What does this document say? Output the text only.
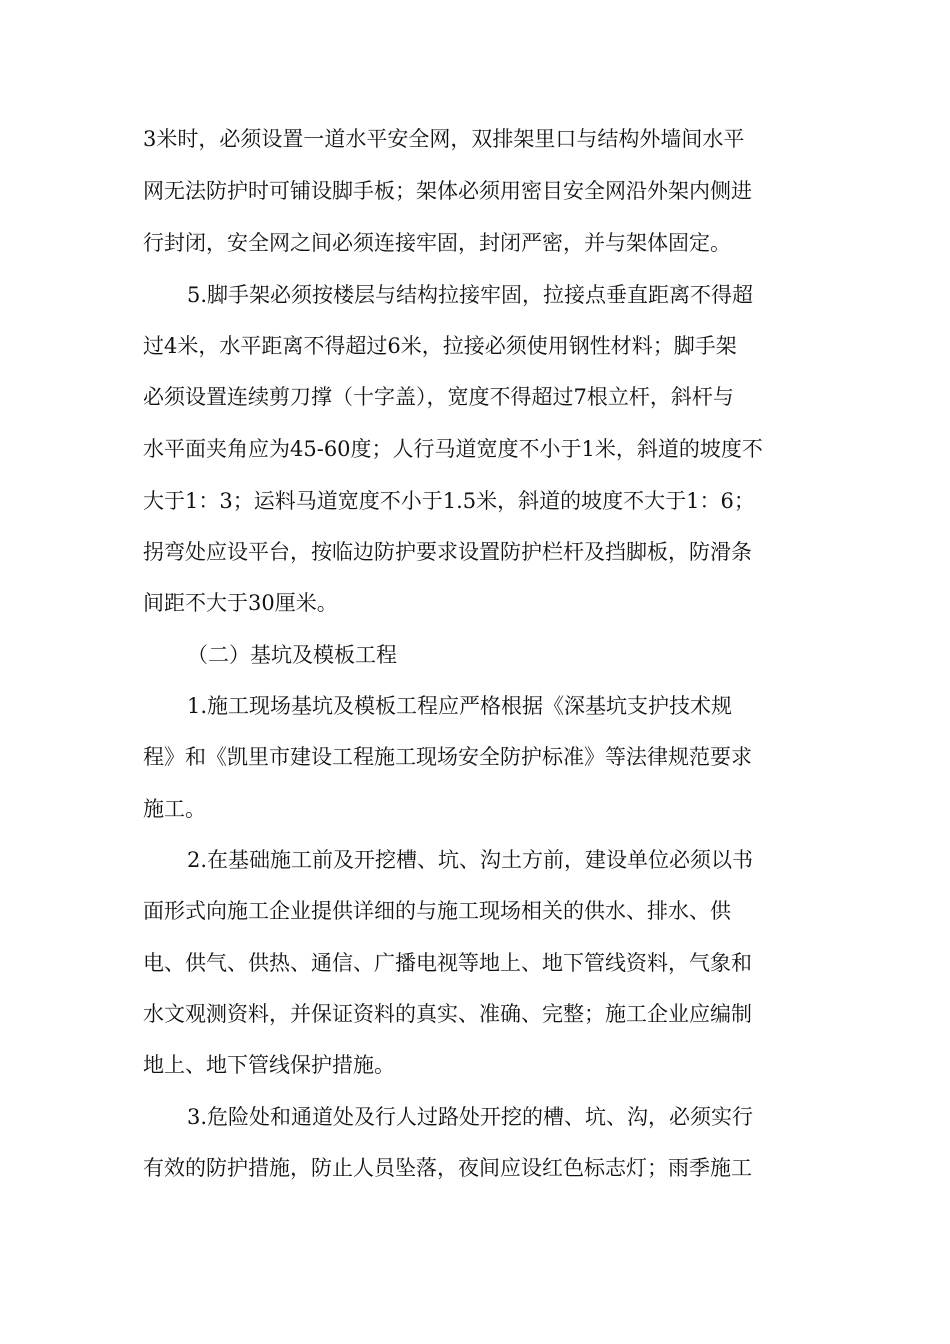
3米时，必须设置一道水平安全网，双排架里口与结构外墙间水平
网无法防护时可铺设脚手板；架体必须用密目安全网沿外架内侧进
行封闭，安全网之间必须连接牢固，封闭严密，并与架体固定。
5.脚手架必须按楼层与结构拉接牢固，拉接点垂直距离不得超
过4米，水平距离不得超过6米，拉接必须使用钢性材料；脚手架
必须设置连续剪刀撑（十字盖），宽度不得超过7根立杆，斜杆与
水平面夹角应为45-60度；人行马道宽度不小于1米，斜道的坡度不
大于1：3；运料马道宽度不小于1.5米，斜道的坡度不大于1：6；
拐弯处应设平台，按临边防护要求设置防护栏杆及挡脚板，防滑条
间距不大于30厘米。
（二）基坑及模板工程
1.施工现场基坑及模板工程应严格根据《深基坑支护技术规
程》和《凯里市建设工程施工现场安全防护标准》等法律规范要求
施工。
2.在基础施工前及开挖槽、坑、沟土方前，建设单位必须以书
面形式向施工企业提供详细的与施工现场相关的供水、排水、供
电、供气、供热、通信、广播电视等地上、地下管线资料，气象和
水文观测资料，并保证资料的真实、准确、完整；施工企业应编制
地上、地下管线保护措施。
3.危险处和通道处及行人过路处开挖的槽、坑、沟，必须实行
有效的防护措施，防止人员坠落，夜间应设红色标志灯；雨季施工
